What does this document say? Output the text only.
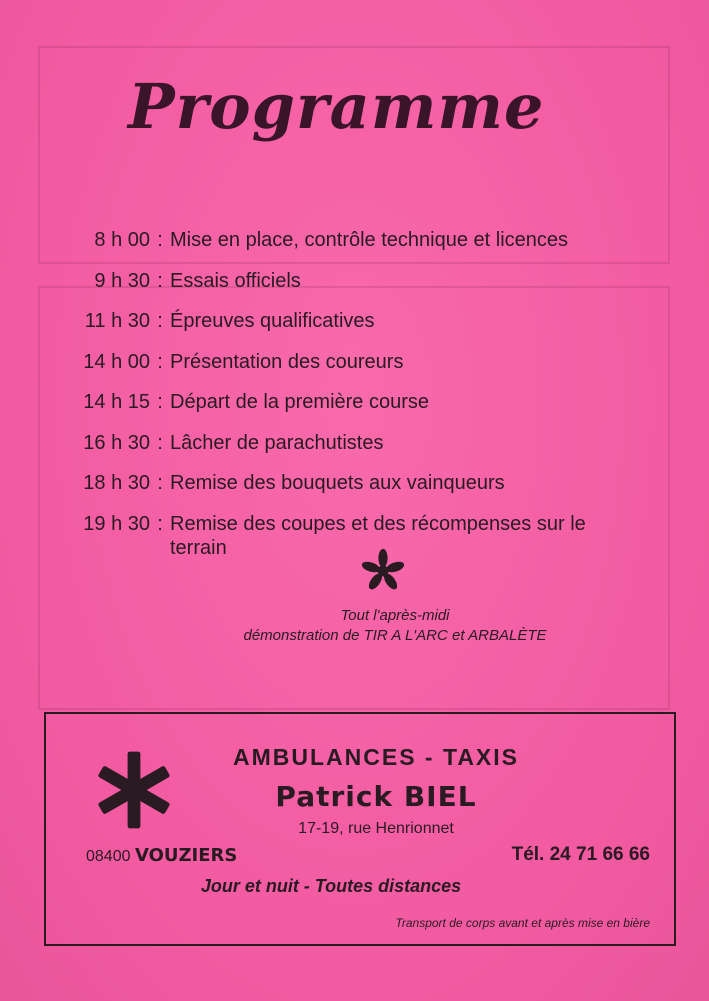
Programme
8 h 00 : Mise en place, contrôle technique et licences
9 h 30 : Essais officiels
11 h 30 : Épreuves qualificatives
14 h 00 : Présentation des coureurs
14 h 15 : Départ de la première course
16 h 30 : Lâcher de parachutistes
18 h 30 : Remise des bouquets aux vainqueurs
19 h 30 : Remise des coupes et des récompenses sur le terrain
Tout l'après-midi
démonstration de TIR A L'ARC et ARBALÈTE
AMBULANCES - TAXIS
Patrick BIEL
17-19, rue Henrionnet
08400 VOUZIERS	Tél. 24 71 66 66
Jour et nuit - Toutes distances
Transport de corps avant et après mise en bière
